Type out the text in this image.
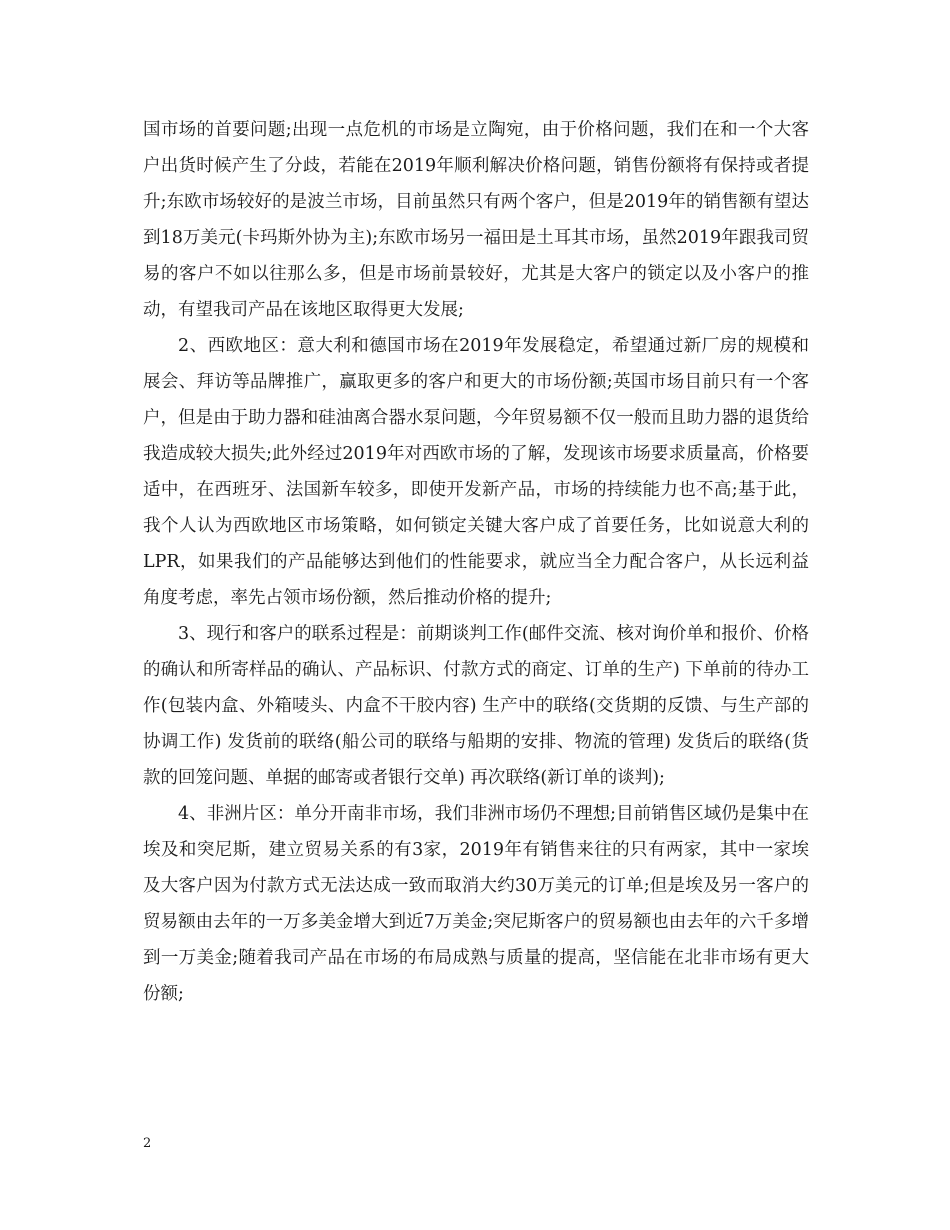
国市场的首要问题;出现一点危机的市场是立陶宛，由于价格问题，我们在和一个大客户出货时候产生了分歧，若能在2019年顺利解决价格问题，销售份额将有保持或者提升;东欧市场较好的是波兰市场，目前虽然只有两个客户，但是2019年的销售额有望达到18万美元(卡玛斯外协为主);东欧市场另一福田是土耳其市场，虽然2019年跟我司贸易的客户不如以往那么多，但是市场前景较好，尤其是大客户的锁定以及小客户的推动，有望我司产品在该地区取得更大发展;

2、西欧地区：意大利和德国市场在2019年发展稳定，希望通过新厂房的规模和展会、拜访等品牌推广，赢取更多的客户和更大的市场份额;英国市场目前只有一个客户，但是由于助力器和硅油离合器水泵问题，今年贸易额不仅一般而且助力器的退货给我造成较大损失;此外经过2019年对西欧市场的了解，发现该市场要求质量高，价格要适中，在西班牙、法国新车较多，即使开发新产品，市场的持续能力也不高;基于此，我个人认为西欧地区市场策略，如何锁定关键大客户成了首要任务，比如说意大利的LPR，如果我们的产品能够达到他们的性能要求，就应当全力配合客户，从长远利益角度考虑，率先占领市场份额，然后推动价格的提升;

3、现行和客户的联系过程是：前期谈判工作(邮件交流、核对询价单和报价、价格的确认和所寄样品的确认、产品标识、付款方式的商定、订单的生产) 下单前的待办工作(包装内盒、外箱唛头、内盒不干胶内容) 生产中的联络(交货期的反馈、与生产部的协调工作) 发货前的联络(船公司的联络与船期的安排、物流的管理) 发货后的联络(货款的回笼问题、单据的邮寄或者银行交单) 再次联络(新订单的谈判);

4、非洲片区：单分开南非市场，我们非洲市场仍不理想;目前销售区域仍是集中在埃及和突尼斯，建立贸易关系的有3家，2019年有销售来往的只有两家，其中一家埃及大客户因为付款方式无法达成一致而取消大约30万美元的订单;但是埃及另一客户的贸易额由去年的一万多美金增大到近7万美金;突尼斯客户的贸易额也由去年的六千多增到一万美金;随着我司产品在市场的布局成熟与质量的提高，坚信能在北非市场有更大份额;

2
